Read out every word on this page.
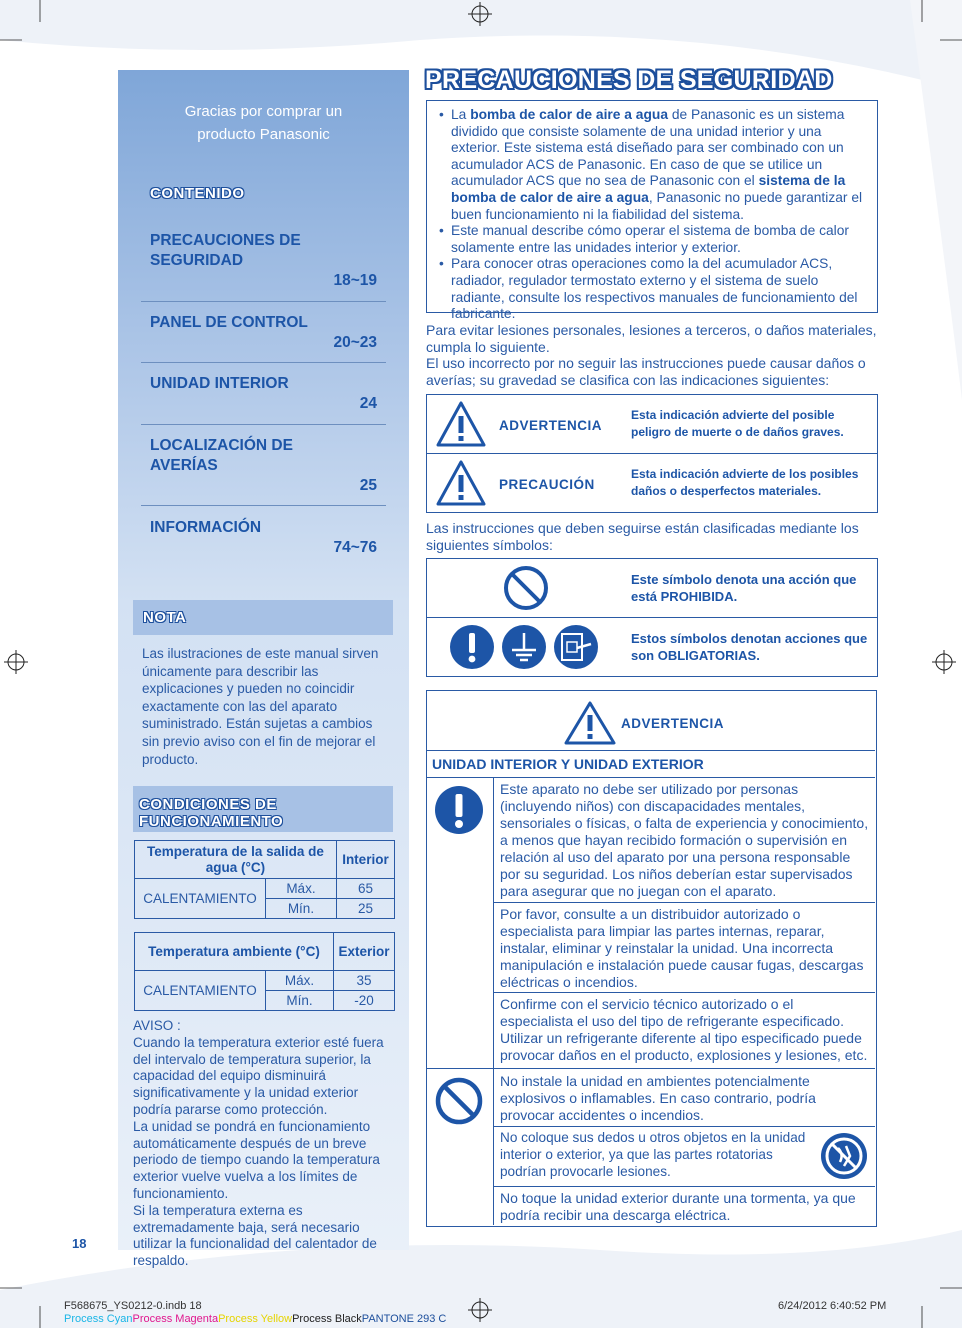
Gracias por comprar un
producto Panasonic
CONTENIDO
PRECAUCIONES DE SEGURIDAD
18~19
PANEL DE CONTROL
20~23
UNIDAD INTERIOR
24
LOCALIZACIÓN DE AVERÍAS
25
INFORMACIÓN
74~76
NOTA
Las ilustraciones de este manual sirven únicamente para describir las explicaciones y pueden no coincidir exactamente con las del aparato suministrado. Están sujetas a cambios sin previo aviso con el fin de mejorar el producto.
CONDICIONES DE
FUNCIONAMIENTO
Temperatura de la salida de agua (°C)		Interior
CALENTAMIENTO	Máx.	65
	Mín.	25
Temperatura ambiente (°C)		Exterior
CALENTAMIENTO	Máx.	35
	Mín.	-20
AVISO :
Cuando la temperatura exterior esté fuera del intervalo de temperatura superior, la capacidad del equipo disminuirá significativamente y la unidad exterior podría pararse como protección.
La unidad se pondrá en funcionamiento automáticamente después de un breve periodo de tiempo cuando la temperatura exterior vuelve vuelva a los límites de funcionamiento.
Si la temperatura externa es extremadamente baja, será necesario utilizar la funcionalidad del calentador de respaldo.
18
PRECAUCIONES DE SEGURIDAD
• La bomba de calor de aire a agua de Panasonic es un sistema dividido que consiste solamente de una unidad interior y una exterior. Este sistema está diseñado para ser combinado con un acumulador ACS de Panasonic. En caso de que se utilice un acumulador ACS que no sea de Panasonic con el sistema de la bomba de calor de aire a agua, Panasonic no puede garantizar el buen funcionamiento ni la fiabilidad del sistema.
• Este manual describe cómo operar el sistema de bomba de calor solamente entre las unidades interior y exterior.
• Para conocer otras operaciones como la del acumulador ACS, radiador, regulador termostato externo y el sistema de suelo radiante, consulte los respectivos manuales de funcionamiento del fabricante.
Para evitar lesiones personales, lesiones a terceros, o daños materiales, cumpla lo siguiente.
El uso incorrecto por no seguir las instrucciones puede causar daños o averías; su gravedad se clasifica con las indicaciones siguientes:
ADVERTENCIA
Esta indicación advierte del posible peligro de muerte o de daños graves.
PRECAUCIÓN
Esta indicación advierte de los posibles daños o desperfectos materiales.
Las instrucciones que deben seguirse están clasificadas mediante los siguientes símbolos:
Este símbolo denota una acción que está PROHIBIDA.
Estos símbolos denotan acciones que son OBLIGATORIAS.
ADVERTENCIA
UNIDAD INTERIOR Y UNIDAD EXTERIOR
Este aparato no debe ser utilizado por personas (incluyendo niños) con discapacidades mentales, sensoriales o físicas, o falta de experiencia y conocimiento, a menos que hayan recibido formación o supervisión en relación al uso del aparato por una persona responsable por su seguridad. Los niños deberían estar supervisados para asegurar que no juegan con el aparato.
Por favor, consulte a un distribuidor autorizado o especialista para limpiar las partes internas, reparar, instalar, eliminar y reinstalar la unidad. Una incorrecta manipulación e instalación puede causar fugas, descargas eléctricas o incendios.
Confirme con el servicio técnico autorizado o el especialista el uso del tipo de refrigerante especificado. Utilizar un refrigerante diferente al tipo especificado puede provocar daños en el producto, explosiones y lesiones, etc.
No instale la unidad en ambientes potencialmente explosivos o inflamables. En caso contrario, podría provocar accidentes o incendios.
No coloque sus dedos u otros objetos en la unidad interior o exterior, ya que las partes rotatorias podrían provocarle lesiones.
No toque la unidad exterior durante una tormenta, ya que podría recibir una descarga eléctrica.
F568675_YS0212-0.indb 18	6/24/2012 6:40:52 PM
Process CyanProcess MagentaProcess YellowProcess BlackPANTONE 293 C
